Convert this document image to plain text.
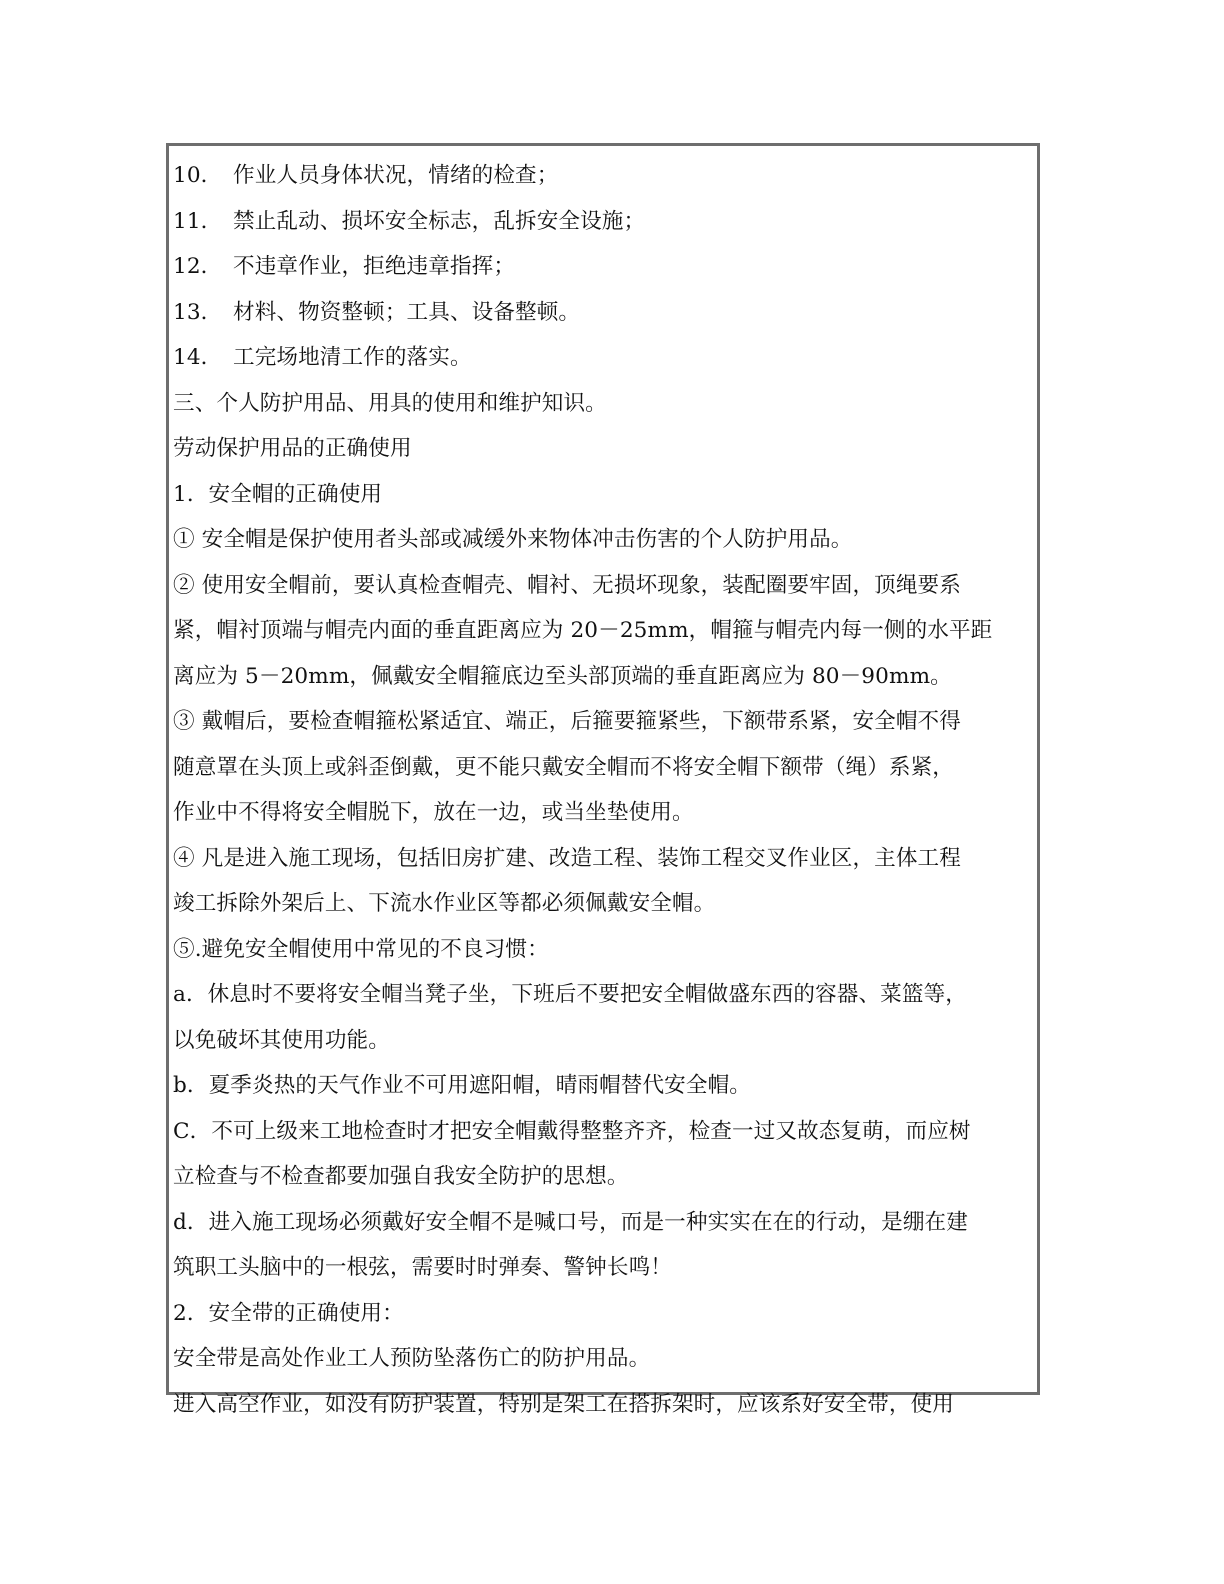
10． 作业人员身体状况，情绪的检查；
11． 禁止乱动、损坏安全标志，乱拆安全设施；
12． 不违章作业，拒绝违章指挥；
13． 材料、物资整顿；工具、设备整顿。
14． 工完场地清工作的落实。
三、个人防护用品、用具的使用和维护知识。
劳动保护用品的正确使用
1．安全帽的正确使用
① 安全帽是保护使用者头部或减缓外来物体冲击伤害的个人防护用品。
② 使用安全帽前，要认真检查帽壳、帽衬、无损坏现象，装配圈要牢固，顶绳要系
紧，帽衬顶端与帽壳内面的垂直距离应为 20－25mm，帽箍与帽壳内每一侧的水平距
离应为 5－20mm，佩戴安全帽箍底边至头部顶端的垂直距离应为 80－90mm。
③ 戴帽后，要检查帽箍松紧适宜、端正，后箍要箍紧些，下额带系紧，安全帽不得
随意罩在头顶上或斜歪倒戴，更不能只戴安全帽而不将安全帽下额带（绳）系紧，
作业中不得将安全帽脱下，放在一边，或当坐垫使用。
④ 凡是进入施工现场，包括旧房扩建、改造工程、装饰工程交叉作业区，主体工程
竣工拆除外架后上、下流水作业区等都必须佩戴安全帽。
⑤.避免安全帽使用中常见的不良习惯：
a．休息时不要将安全帽当凳子坐，下班后不要把安全帽做盛东西的容器、菜篮等，
以免破坏其使用功能。
b．夏季炎热的天气作业不可用遮阳帽，晴雨帽替代安全帽。
C．不可上级来工地检查时才把安全帽戴得整整齐齐，检查一过又故态复萌，而应树
立检查与不检查都要加强自我安全防护的思想。
d．进入施工现场必须戴好安全帽不是喊口号，而是一种实实在在的行动，是绷在建
筑职工头脑中的一根弦，需要时时弹奏、警钟长鸣！
2．安全带的正确使用：
安全带是高处作业工人预防坠落伤亡的防护用品。
进入高空作业，如没有防护装置，特别是架工在搭拆架时，应该系好安全带，使用
